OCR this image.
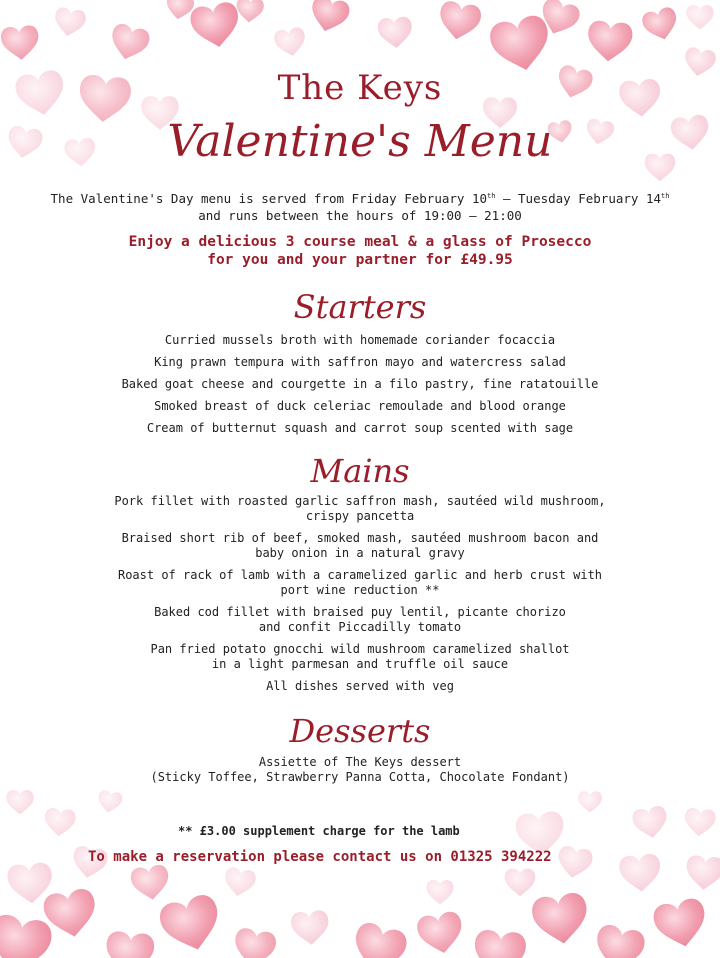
The Keys
Valentine's Menu
The Valentine's Day menu is served from Friday February 10th – Tuesday February 14th
and runs between the hours of 19:00 – 21:00
Enjoy a delicious 3 course meal & a glass of Prosecco
for you and your partner for £49.95
Starters
Curried mussels broth with homemade coriander focaccia
King prawn tempura with saffron mayo and watercress salad
Baked goat cheese and courgette in a filo pastry, fine ratatouille
Smoked breast of duck celeriac remoulade and blood orange
Cream of butternut squash and carrot soup scented with sage
Mains
Pork fillet with roasted garlic saffron mash, sautéed wild mushroom,
crispy pancetta
Braised short rib of beef, smoked mash, sautéed mushroom bacon and
baby onion in a natural gravy
Roast of rack of lamb with a caramelized garlic and herb crust with
port wine reduction **
Baked cod fillet with braised puy lentil, picante chorizo
and confit Piccadilly tomato
Pan fried potato gnocchi wild mushroom caramelized shallot
in a light parmesan and truffle oil sauce
All dishes served with veg
Desserts
Assiette of The Keys dessert
(Sticky Toffee, Strawberry Panna Cotta, Chocolate Fondant)
** £3.00 supplement charge for the lamb
To make a reservation please contact us on 01325 394222
